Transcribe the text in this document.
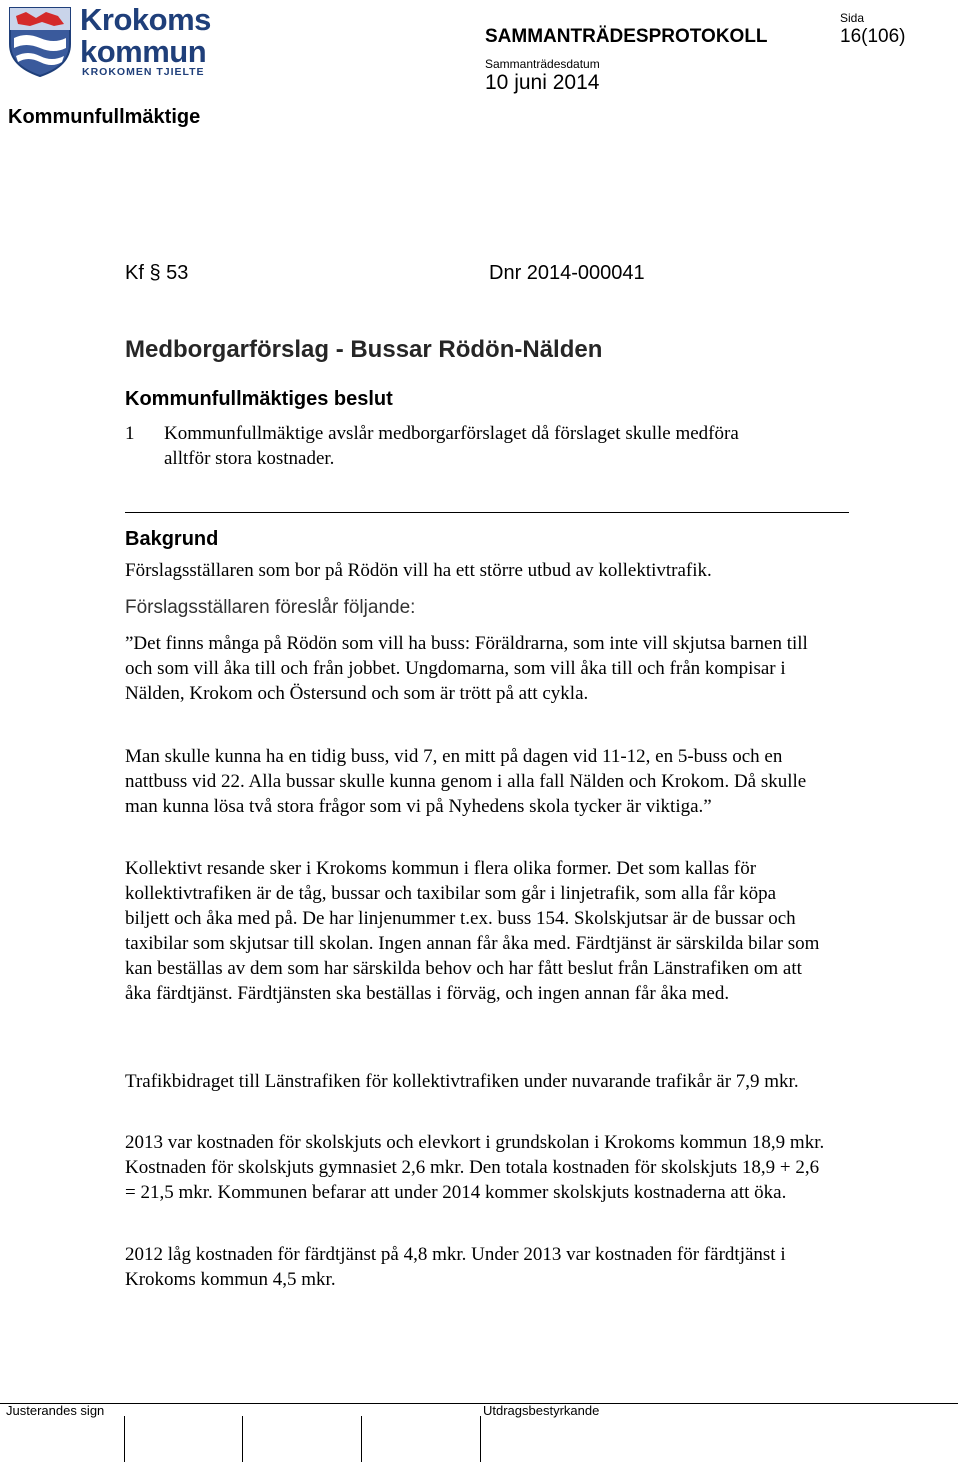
Krokoms
kommun
KROKOMEN TJIELTE
SAMMANTRÄDESPROTOKOLL
Sammanträdesdatum
10 juni 2014
Sida
16(106)
Kommunfullmäktige
Kf § 53	Dnr 2014-000041
Medborgarförslag - Bussar Rödön-Nälden
Kommunfullmäktiges beslut
1 Kommunfullmäktige avslår medborgarförslaget då förslaget skulle medföra alltför stora kostnader.
Bakgrund
Förslagsställaren som bor på Rödön vill ha ett större utbud av kollektivtrafik.
Förslagsställaren föreslår följande:
”Det finns många på Rödön som vill ha buss: Föräldrarna, som inte vill skjutsa barnen till och som vill åka till och från jobbet. Ungdomarna, som vill åka till och från kompisar i Nälden, Krokom och Östersund och som är trött på att cykla.
Man skulle kunna ha en tidig buss, vid 7, en mitt på dagen vid 11-12, en 5-buss och en nattbuss vid 22. Alla bussar skulle kunna genom i alla fall Nälden och Krokom. Då skulle man kunna lösa två stora frågor som vi på Nyhedens skola tycker är viktiga.”
Kollektivt resande sker i Krokoms kommun i flera olika former. Det som kallas för kollektivtrafiken är de tåg, bussar och taxibilar som går i linjetrafik, som alla får köpa biljett och åka med på. De har linjenummer t.ex. buss 154. Skolskjutsar är de bussar och taxibilar som skjutsar till skolan. Ingen annan får åka med. Färdtjänst är särskilda bilar som kan beställas av dem som har särskilda behov och har fått beslut från Länstrafiken om att åka färdtjänst. Färdtjänsten ska beställas i förväg, och ingen annan får åka med.
Trafikbidraget till Länstrafiken för kollektivtrafiken under nuvarande trafikår är 7,9 mkr.
2013 var kostnaden för skolskjuts och elevkort i grundskolan i Krokoms kommun 18,9 mkr. Kostnaden för skolskjuts gymnasiet 2,6 mkr. Den totala kostnaden för skolskjuts 18,9 + 2,6 = 21,5 mkr. Kommunen befarar att under 2014 kommer skolskjuts kostnaderna att öka.
2012 låg kostnaden för färdtjänst på 4,8 mkr. Under 2013 var kostnaden för färdtjänst i Krokoms kommun 4,5 mkr.
Justerandes sign	Utdragsbestyrkande
